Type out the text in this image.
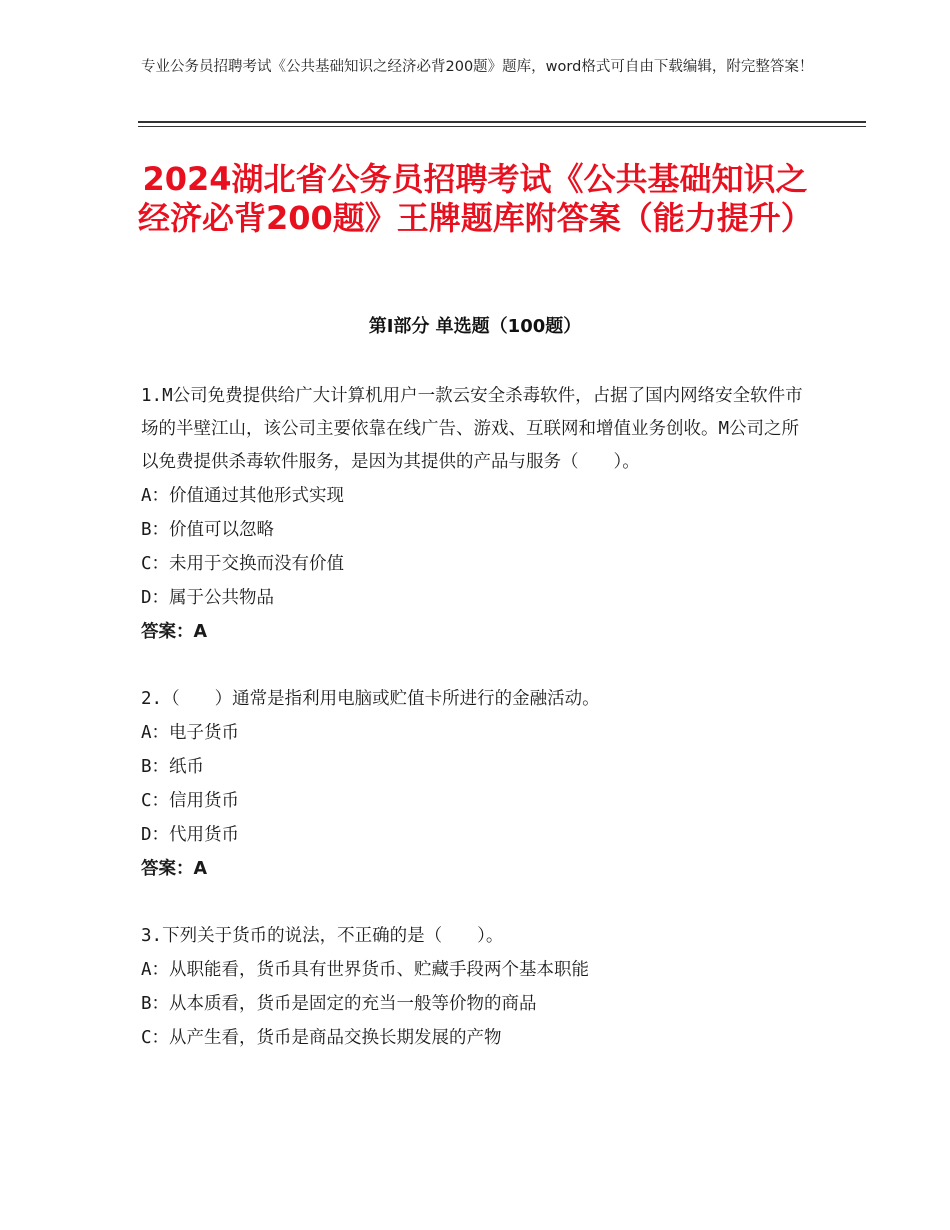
专业公务员招聘考试《公共基础知识之经济必背200题》题库，word格式可自由下载编辑，附完整答案！
2024湖北省公务员招聘考试《公共基础知识之经济必背200题》王牌题库附答案（能力提升）
第Ⅰ部分 单选题（100题）

1.M公司免费提供给广大计算机用户一款云安全杀毒软件，占据了国内网络安全软件市场的半壁江山，该公司主要依靠在线广告、游戏、互联网和增值业务创收。M公司之所以免费提供杀毒软件服务，是因为其提供的产品与服务（　　）。

A：价值通过其他形式实现

B：价值可以忽略

C：未用于交换而没有价值

D：属于公共物品

答案：A

2.（　　）通常是指利用电脑或贮值卡所进行的金融活动。

A：电子货币

B：纸币

C：信用货币

D：代用货币

答案：A

3.下列关于货币的说法，不正确的是（　　）。

A：从职能看，货币具有世界货币、贮藏手段两个基本职能

B：从本质看，货币是固定的充当一般等价物的商品

C：从产生看，货币是商品交换长期发展的产物
